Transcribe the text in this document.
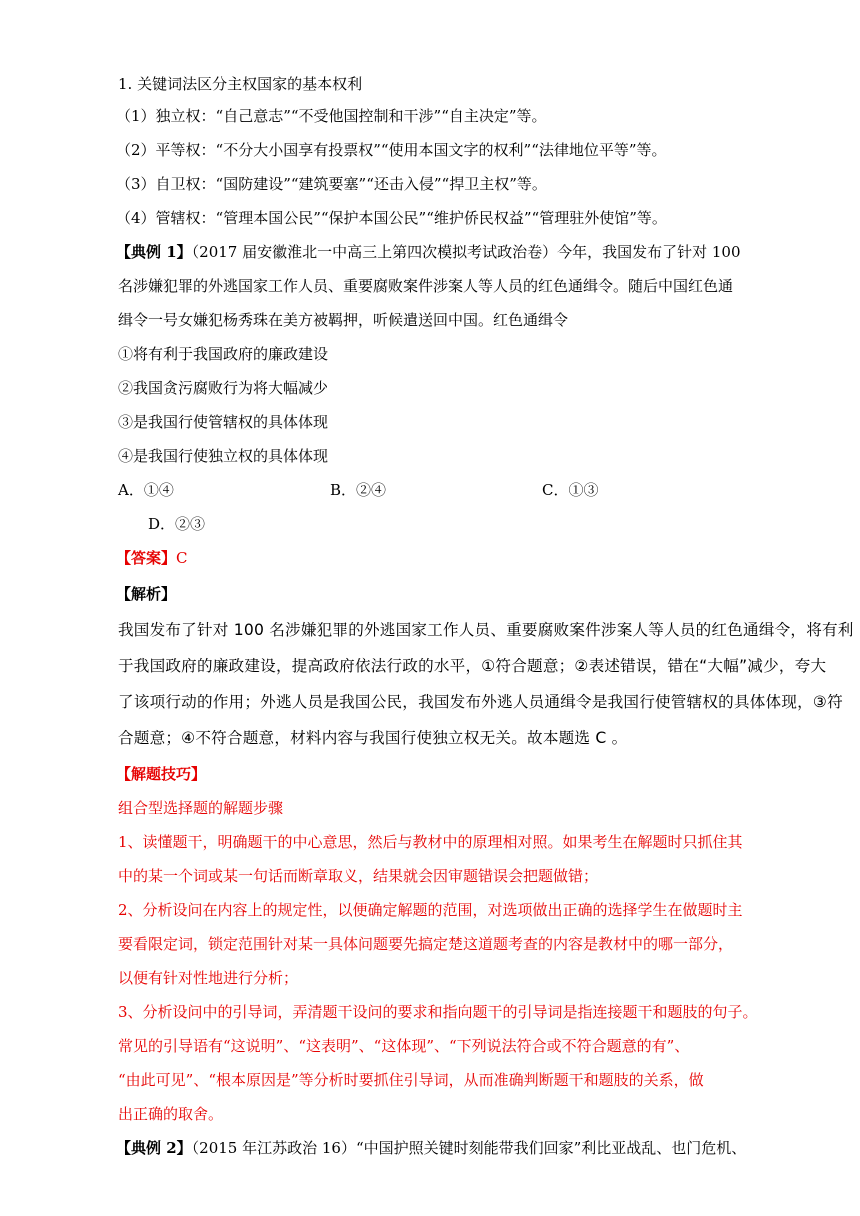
1. 关键词法区分主权国家的基本权利
（1）独立权：“自己意志”“不受他国控制和干涉”“自主决定”等。
（2）平等权：“不分大小国享有投票权”“使用本国文字的权利”“法律地位平等”等。
（3）自卫权：“国防建设”“建筑要塞”“还击入侵”“捍卫主权”等。
（4）管辖权：“管理本国公民”“保护本国公民”“维护侨民权益”“管理驻外使馆”等。
【典例 1】（2017 届安徽淮北一中高三上第四次模拟考试政治卷）今年，我国发布了针对 100
名涉嫌犯罪的外逃国家工作人员、重要腐败案件涉案人等人员的红色通缉令。随后中国红色通
缉令一号女嫌犯杨秀珠在美方被羁押，听候遣送回中国。红色通缉令
①将有利于我国政府的廉政建设
②我国贪污腐败行为将大幅减少
③是我国行使管辖权的具体体现
④是我国行使独立权的具体体现
A．①④	B．②④	C．①③
D．②③
【答案】C
【解析】
我国发布了针对 100 名涉嫌犯罪的外逃国家工作人员、重要腐败案件涉案人等人员的红色通缉令，将有利
于我国政府的廉政建设，提高政府依法行政的水平，①符合题意；②表述错误，错在“大幅”减少，夸大
了该项行动的作用；外逃人员是我国公民，我国发布外逃人员通缉令是我国行使管辖权的具体体现，③符
合题意；④不符合题意，材料内容与我国行使独立权无关。故本题选 C 。
【解题技巧】
组合型选择题的解题步骤
1、读懂题干，明确题干的中心意思，然后与教材中的原理相对照。如果考生在解题时只抓住其
中的某一个词或某一句话而断章取义，结果就会因审题错误会把题做错；
2、分析设问在内容上的规定性，以便确定解题的范围，对选项做出正确的选择学生在做题时主
要看限定词，锁定范围针对某一具体问题要先搞定楚这道题考查的内容是教材中的哪一部分，
以便有针对性地进行分析；
3、分析设问中的引导词，弄清题干设问的要求和指向题干的引导词是指连接题干和题肢的句子。
常见的引导语有“这说明”、“这表明”、“这体现”、“下列说法符合或不符合题意的有”、
“由此可见”、“根本原因是”等分析时要抓住引导词，从而准确判断题干和题肢的关系，做
出正确的取舍。
【典例 2】（2015 年江苏政治 16）“中国护照关键时刻能带我们回家”利比亚战乱、也门危机、
